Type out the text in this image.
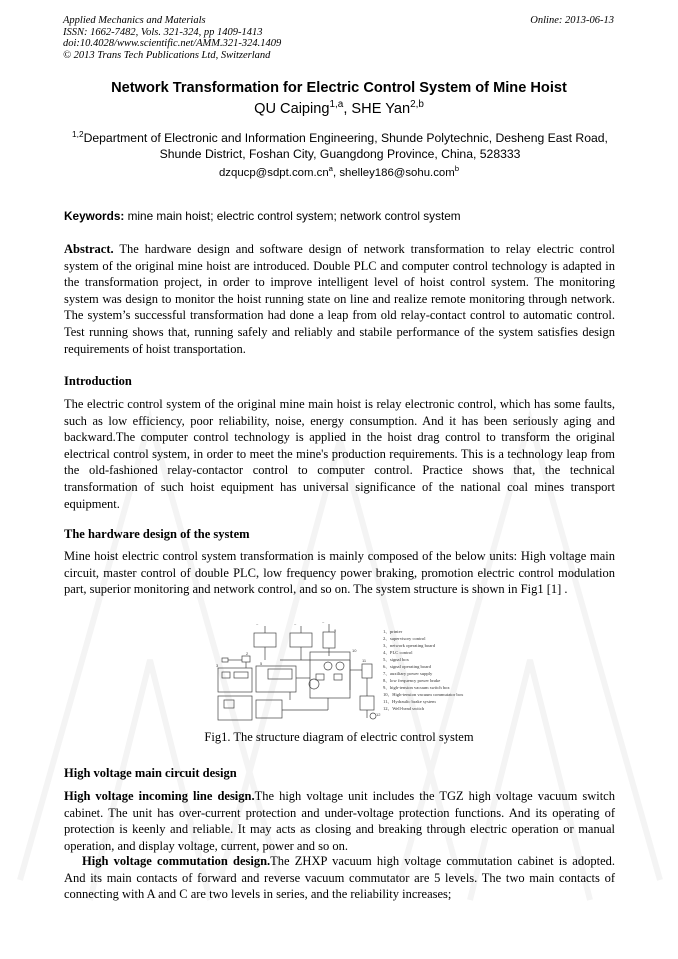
Applied Mechanics and Materials
ISSN: 1662-7482, Vols. 321-324, pp 1409-1413
doi:10.4028/www.scientific.net/AMM.321-324.1409
© 2013 Trans Tech Publications Ltd, Switzerland
Online: 2013-06-13
Network Transformation for Electric Control System of Mine Hoist
QU Caiping$^{1,a}$, SHE Yan$^{2,b}$
$^{1,2}$Department of Electronic and Information Engineering, Shunde Polytechnic, Desheng East Road,
Shunde District, Foshan City, Guangdong Province, China, 528333
$dzqucp@sdpt.com.cn^a$, shelley186@sohu.com$^b$
Keywords: mine main hoist; electric control system; network control system
Abstract. The hardware design and software design of network transformation to relay electric control system of the original mine hoist are introduced. Double PLC and computer control technology is adapted in the transformation project, in order to improve intelligent level of hoist control system. The monitoring system was design to monitor the hoist running state on line and realize remote monitoring through network. The system’s successful transformation had done a leap from old relay-contact control to automatic control. Test running shows that, running safely and reliably and stabile performance of the system satisfies design requirements of hoist transportation.
Introduction
The electric control system of the original mine main hoist is relay electronic control, which has some faults, such as low efficiency, poor reliability, noise, energy consumption. And it has been seriously aging and backward.The computer control technology is applied in the hoist drag control to transform the original electrical control system, in order to meet the mine's production requirements. This is a technology leap from the old-fashioned relay-contactor control to computer control. Practice shows that, the technical transformation of such hoist equipment has universal significance of the national coal mines transport equipment.
The hardware design of the system
Mine hoist electric control system transformation is mainly composed of the below units: High voltage main circuit, master control of double PLC, low frequency power braking, promotion electric control modulation part, superior monitoring and network control, and so on. The system structure is shown in Fig1 [1] .
~	~	~
2
3	5
9
10
11
12
1、printer
2、supervisory control
3、network operating board
4、PLC control
5、signal box
6、signal operating board
7、auxiliary power supply
8、low frequency power brake
9、high-tension vacuum switch box
10、High-tension vacuum commutator box
11、Hydraulic brake system
12、Well-head switch
Fig1. The structure diagram of electric control system
High voltage main circuit design
High voltage incoming line design.The high voltage unit includes the TGZ high voltage vacuum switch cabinet. The unit has over-current protection and under-voltage protection functions. And its operating of protection is keenly and reliable. It may acts as closing and breaking through electric operation or manual operation, and display voltage, current, power and so on.
High voltage commutation design.The ZHXP vacuum high voltage commutation cabinet is adopted. And its main contacts of forward and reverse vacuum commutator are 5 levels. The two main contacts of connecting with A and C are two levels in series, and the reliability increases;
